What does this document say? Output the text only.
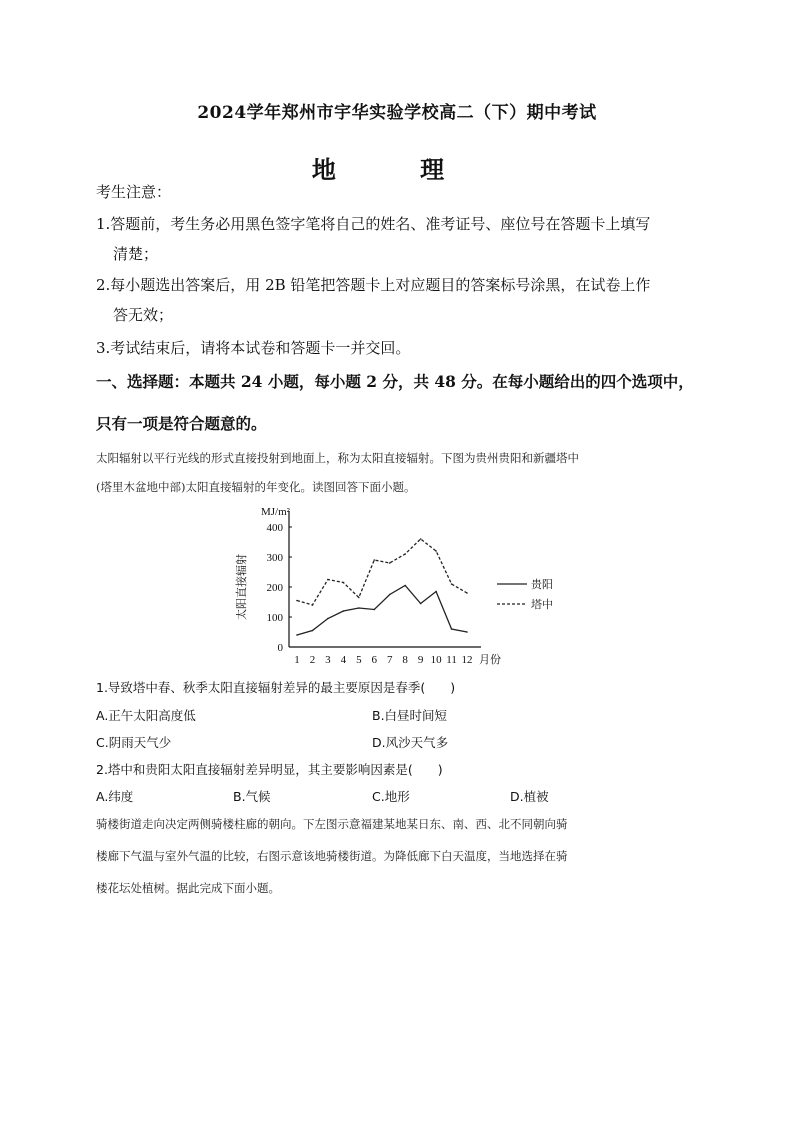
2024学年郑州市宇华实验学校高二（下）期中考试
地 理
考生注意：
1.答题前，考生务必用黑色签字笔将自己的姓名、准考证号、座位号在答题卡上填写
清楚；
2.每小题选出答案后，用 2B 铅笔把答题卡上对应题目的答案标号涂黑，在试卷上作
答无效；
3.考试结束后，请将本试卷和答题卡一并交回。
一、选择题：本题共 24 小题，每小题 2 分，共 48 分。在每小题给出的四个选项中，
只有一项是符合题意的。
太阳辐射以平行光线的形式直接投射到地面上，称为太阳直接辐射。下图为贵州贵阳和新疆塔中
(塔里木盆地中部)太阳直接辐射的年变化。读图回答下面小题。
MJ/m²
太阳直接辐射
0
100
200
300
400
1 2 3 4 5 6 7 8 9 10 11 12 月份
贵阳
塔中
1.导致塔中春、秋季太阳直接辐射差异的最主要原因是春季(　　)
A.正午太阳高度低	B.白昼时间短
C.阴雨天气少	D.风沙天气多
2.塔中和贵阳太阳直接辐射差异明显，其主要影响因素是(　　)
A.纬度	B.气候	C.地形	D.植被
骑楼街道走向决定两侧骑楼柱廊的朝向。下左图示意福建某地某日东、南、西、北不同朝向骑
楼廊下气温与室外气温的比较，右图示意该地骑楼街道。为降低廊下白天温度，当地选择在骑
楼花坛处植树。据此完成下面小题。
